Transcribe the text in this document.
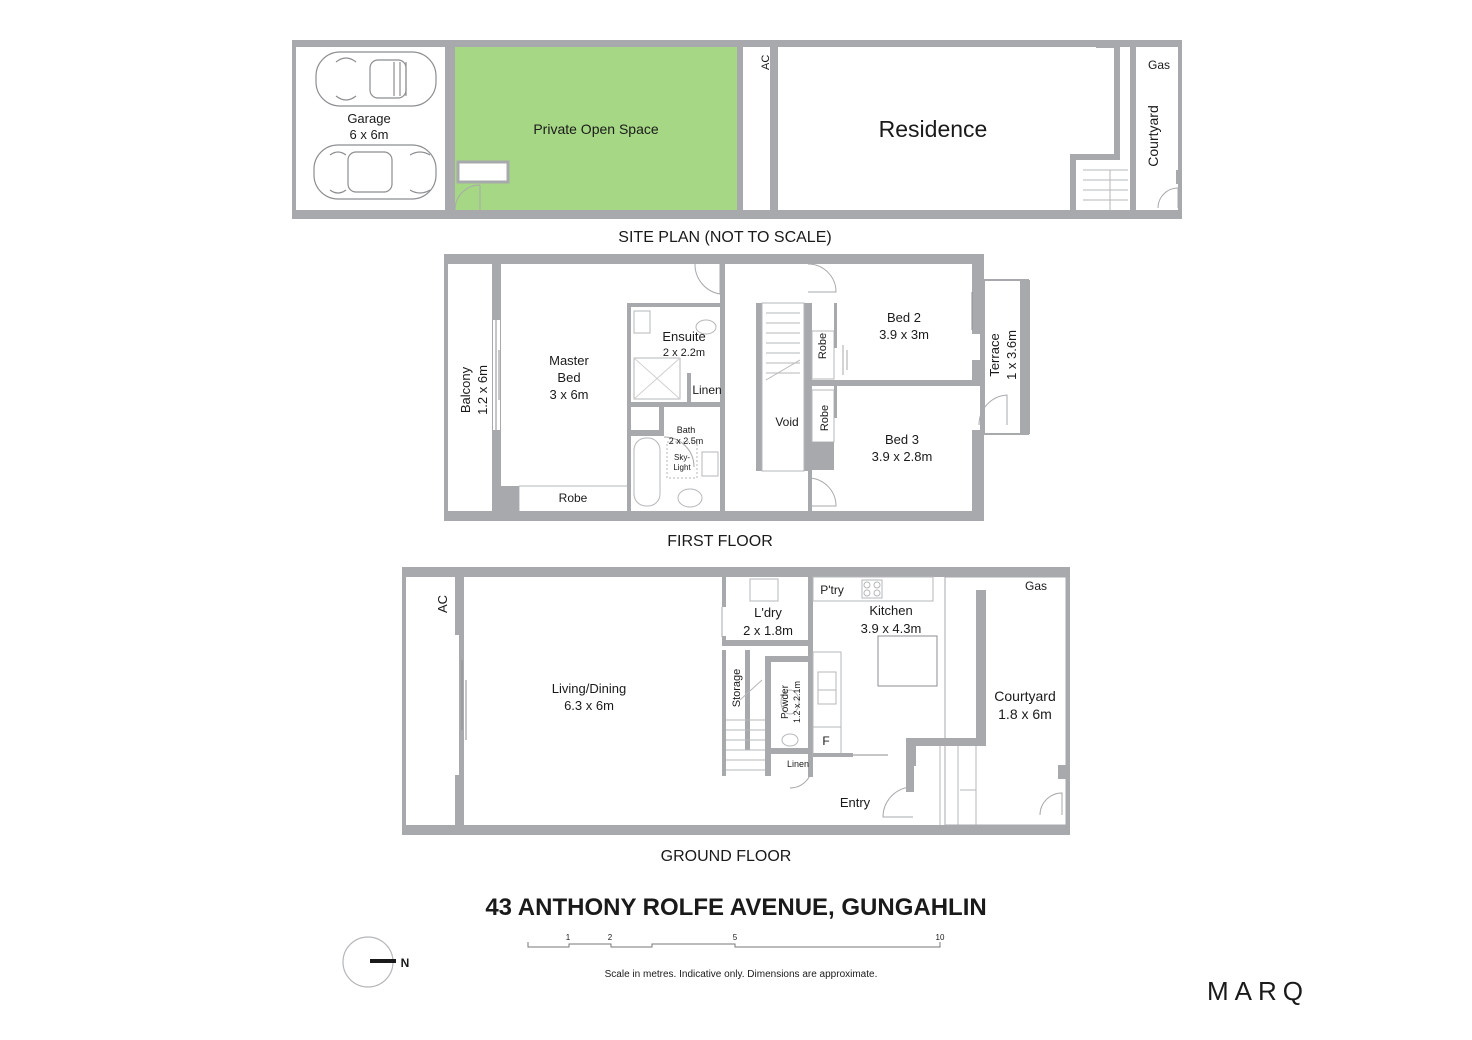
Garage
6 x 6m	Private Open Space
AC
Residence
Gas
Courtyard
SITE PLAN (NOT TO SCALE)
Balcony 1.2 x 6m
Master
Bed
3 x 6m
Robe
Ensuite
2 x 2.2m
Linen
Bath
2 x 2.5m
Sky-
Light
Void
Robe
Robe
Bed 2
3.9 x 3m
Bed 3
3.9 x 2.8m
Terrace 1 x 3.6m
FIRST FLOOR
AC
Living/Dining
6.3 x 6m
L'dry
2 x 1.8m
P'try
Kitchen
3.9 x 4.3m
Storage	Powder 1.2 x 2.1m
F
Linen
Entry
Courtyard
1.8 x 6m
Gas
GROUND FLOOR
43 ANTHONY ROLFE AVENUE, GUNGAHLIN
1	2	5	10
Scale in metres. Indicative only. Dimensions are approximate.
N
MARQ
